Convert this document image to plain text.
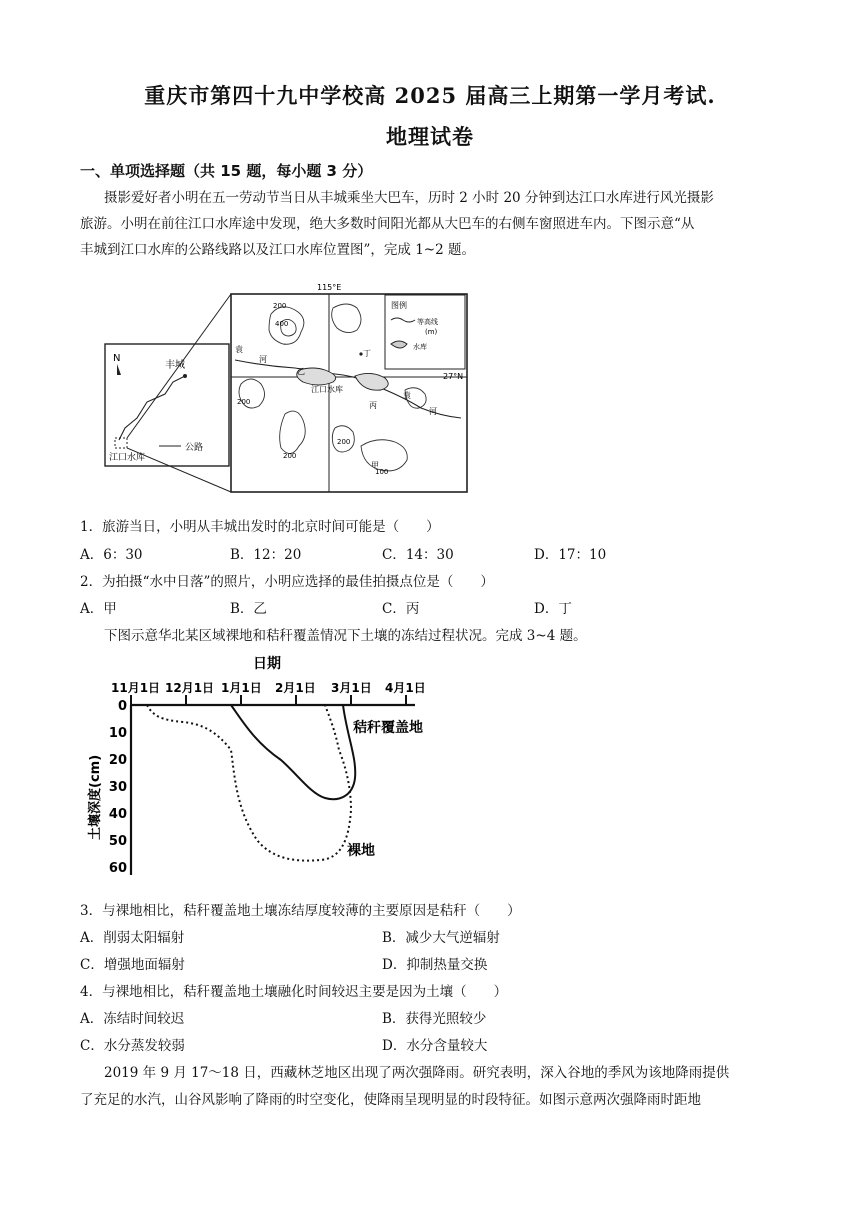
重庆市第四十九中学校高 2025 届高三上期第一学月考试.
地理试卷
一、单项选择题（共 15 题，每小题 3 分）
摄影爱好者小明在五一劳动节当日从丰城乘坐大巴车，历时 2 小时 20 分钟到达江口水库进行风光摄影
旅游。小明在前往江口水库途中发现，绝大多数时间阳光都从大巴车的右侧车窗照进车内。下图示意“从
丰城到江口水库的公路线路以及江口水库位置图”，完成 1~2 题。
N
丰城
江口水库
公路
115°E
27°N
图例
等高线
(m)
水库
400
200
200
200
200
100
袁
河
袁
河
江口水库
甲
乙
丙
丁
1．旅游当日，小明从丰城出发时的北京时间可能是（　　）
A．6：30	B．12：20	C．14：30	D．17：10
2．为拍摄“水中日落”的照片，小明应选择的最佳拍摄点位是（　　）
A．甲	B．乙	C．丙	D．丁
下图示意华北某区域裸地和秸秆覆盖情况下土壤的冻结过程状况。完成 3~4 题。
日期
11月1日 12月1日 1月1日 2月1日 3月1日 4月1日
0
10
20
30
40
50
60
土壤深度(cm)
秸秆覆盖地
裸地
3．与裸地相比，秸秆覆盖地土壤冻结厚度较薄的主要原因是秸秆（　　）
A．削弱太阳辐射	B．减少大气逆辐射
C．增强地面辐射	D．抑制热量交换
4．与裸地相比，秸秆覆盖地土壤融化时间较迟主要是因为土壤（　　）
A．冻结时间较迟	B．获得光照较少
C．水分蒸发较弱	D．水分含量较大
2019 年 9 月 17～18 日，西藏林芝地区出现了两次强降雨。研究表明，深入谷地的季风为该地降雨提供
了充足的水汽，山谷风影响了降雨的时空变化，使降雨呈现明显的时段特征。如图示意两次强降雨时距地
